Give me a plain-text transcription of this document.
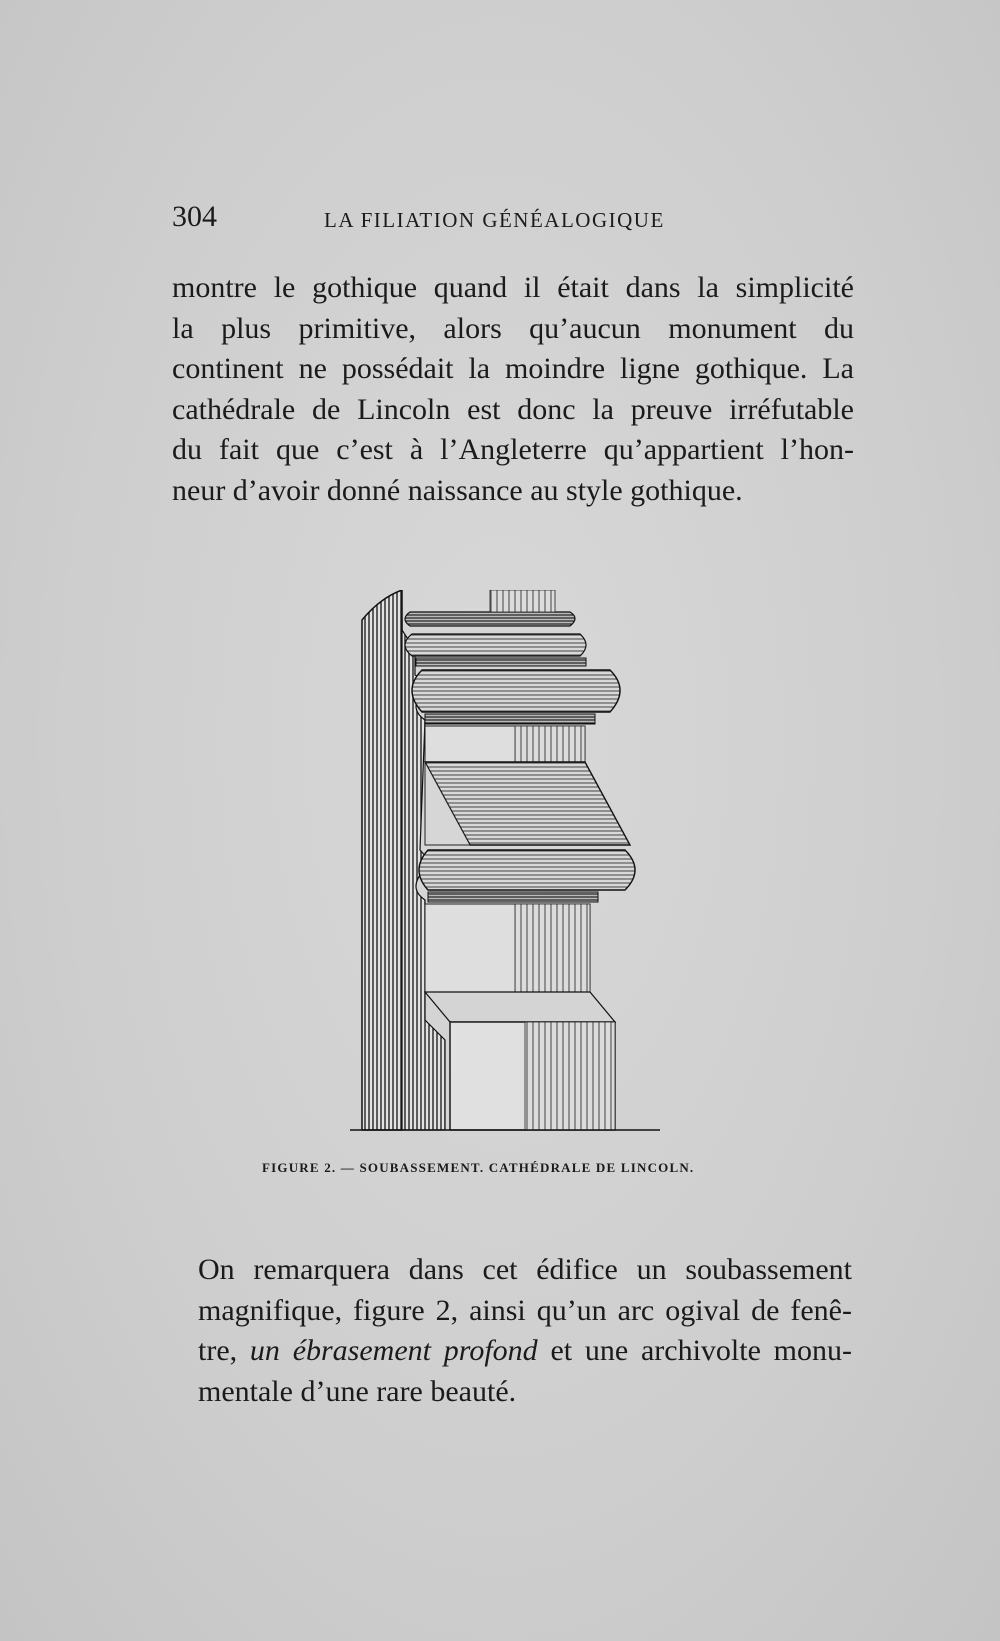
304	LA FILIATION GÉNÉALOGIQUE

montre le gothique quand il était dans la simplicité
la plus primitive, alors qu’aucun monument du
continent ne possédait la moindre ligne gothique. La
cathédrale de Lincoln est donc la preuve irréfutable
du fait que c’est à l’Angleterre qu’appartient l’hon-
neur d’avoir donné naissance au style gothique.

FIGURE 2. — SOUBASSEMENT. CATHÉDRALE DE LINCOLN.

On remarquera dans cet édifice un soubassement
magnifique, figure 2, ainsi qu’un arc ogival de fenê-
tre, un ébrasement profond et une archivolte monu-
mentale d’une rare beauté.
